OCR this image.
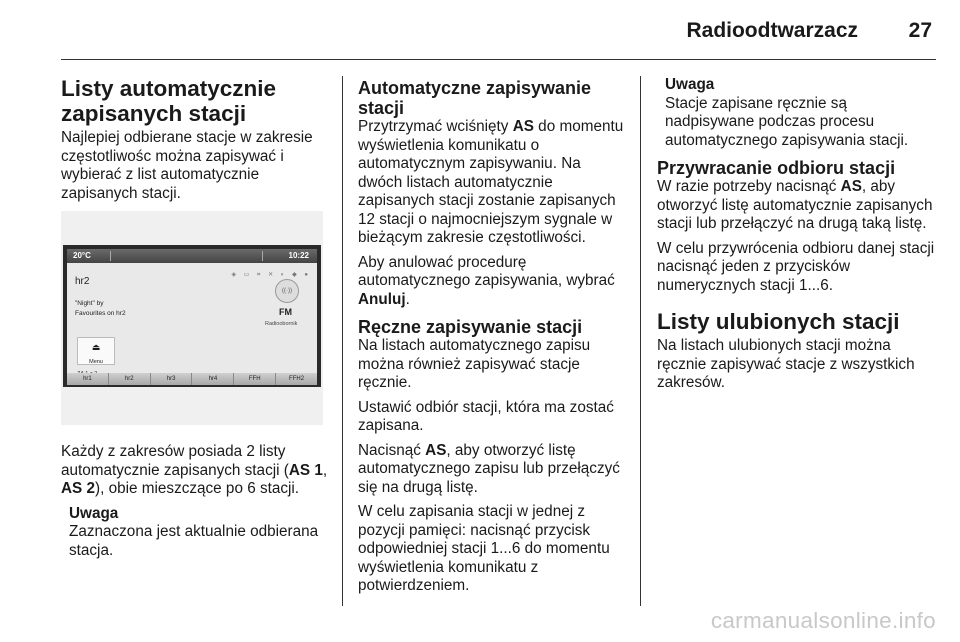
Radioodtwarzacz 27
Listy automatycznie zapisanych stacji

Najlepiej odbierane stacje w zakresie częstotliwośc można zapisywać i wybierać z list automatycznie zapisanych stacji.

20°C	10:22
◈ ▭ ⌗ ✕ ◐ ◆ ●
hr2
"Night" by
Favourites on hr2
((·))
FM
Radioobornik
⏏
Menu
hr1	hr2	hr3	hr4	FFH	FFH2

Każdy z zakresów posiada 2 listy automatycznie zapisanych stacji (AS 1, AS 2), obie mieszczące po 6 stacji.

Uwaga
Zaznaczona jest aktualnie odbierana stacja.
Automatyczne zapisywanie stacji

Przytrzymać wciśnięty AS do momentu wyświetlenia komunikatu o automatycznym zapisywaniu. Na dwóch listach automatycznie zapisanych stacji zostanie zapisanych 12 stacji o najmocniejszym sygnale w bieżącym zakresie częstotliwości.

Aby anulować procedurę automatycznego zapisywania, wybrać Anuluj.

Ręczne zapisywanie stacji

Na listach automatycznego zapisu można również zapisywać stacje ręcznie.

Ustawić odbiór stacji, która ma zostać zapisana.

Nacisnąć AS, aby otworzyć listę automatycznego zapisu lub przełączyć się na drugą listę.

W celu zapisania stacji w jednej z pozycji pamięci: nacisnąć przycisk odpowiedniej stacji 1...6 do momentu wyświetlenia komunikatu z potwierdzeniem.

Uwaga
Stacje zapisane ręcznie są nadpisywane podczas procesu automatycznego zapisywania stacji.
Przywracanie odbioru stacji

W razie potrzeby nacisnąć AS, aby otworzyć listę automatycznie zapisanych stacji lub przełączyć na drugą taką listę.

W celu przywrócenia odbioru danej stacji nacisnąć jeden z przycisków numerycznych stacji 1...6.

Listy ulubionych stacji

Na listach ulubionych stacji można ręcznie zapisywać stacje z wszystkich zakresów.

carmanualsonline.info
